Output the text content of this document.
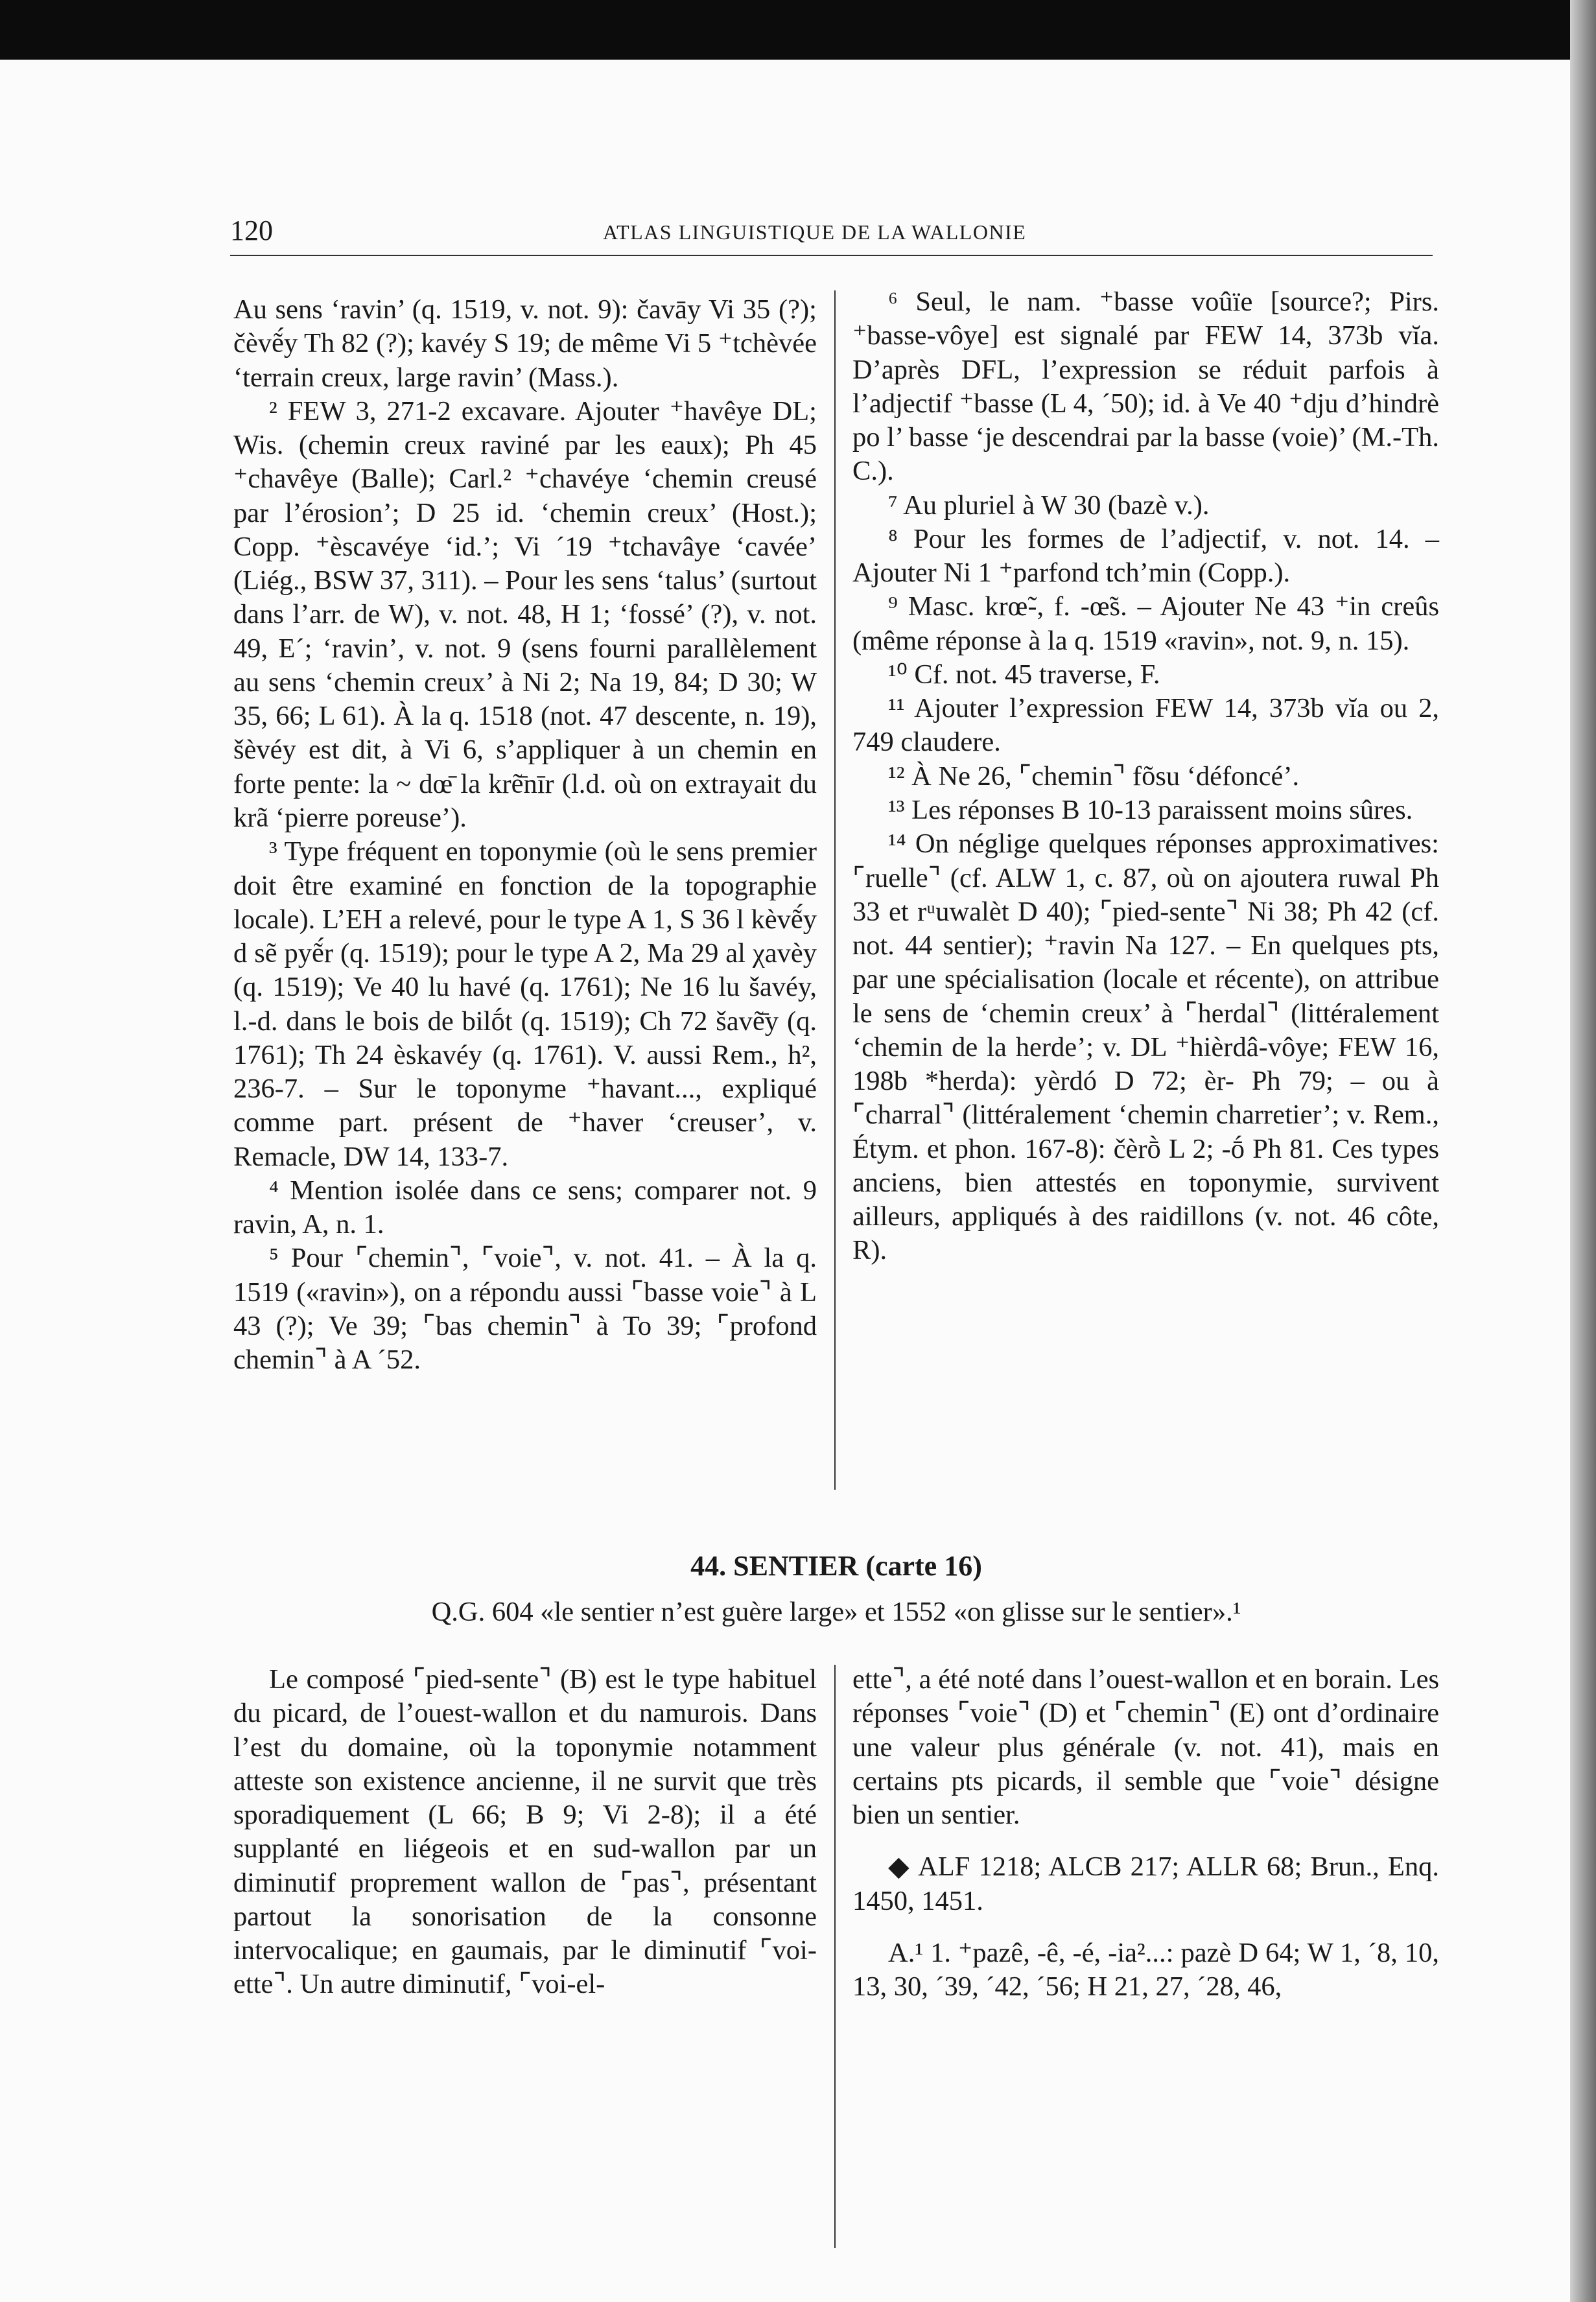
120	ATLAS LINGUISTIQUE DE LA WALLONIE

Au sens ‘ravin’ (q. 1519, v. not. 9): čavāy Vi 35 (?); čèvẽ́y Th 82 (?); kavéy S 19; de même Vi 5 ⁺tchèvée ‘terrain creux, large ravin’ (Mass.).

² FEW 3, 271-2 excavare. Ajouter ⁺havêye DL; Wis. (chemin creux raviné par les eaux); Ph 45 ⁺chavêye (Balle); Carl.² ⁺chavéye ‘chemin creusé par l’érosion’; D 25 id. ‘chemin creux’ (Host.); Copp. ⁺èscavéye ‘id.’; Vi ´19 ⁺tchavâye ‘cavée’ (Liég., BSW 37, 311). – Pour les sens ‘talus’ (surtout dans l’arr. de W), v. not. 48, H 1; ‘fossé’ (?), v. not. 49, E´; ‘ravin’, v. not. 9 (sens fourni parallèlement au sens ‘chemin creux’ à Ni 2; Na 19, 84; D 30; W 35, 66; L 61). À la q. 1518 (not. 47 descente, n. 19), šèvéy est dit, à Vi 6, s’appliquer à un chemin en forte pente: la ~ dœ̄ la krẽ̄nīr (l.d. où on extrayait du krã ‘pierre poreuse’).

³ Type fréquent en toponymie (où le sens premier doit être examiné en fonction de la topographie locale). L’EH a relevé, pour le type A 1, S 36 l kèvẽ́y d sẽ pyẽ́r (q. 1519); pour le type A 2, Ma 29 al χavèy (q. 1519); Ve 40 lu havé (q. 1761); Ne 16 lu šavéy, l.-d. dans le bois de bilṓt (q. 1519); Ch 72 šavẽ̄y (q. 1761); Th 24 èskavéy (q. 1761). V. aussi Rem., h², 236-7. – Sur le toponyme ⁺havant..., expliqué comme part. présent de ⁺haver ‘creuser’, v. Remacle, DW 14, 133-7.

⁴ Mention isolée dans ce sens; comparer not. 9 ravin, A, n. 1.

⁵ Pour ⌜chemin⌝, ⌜voie⌝, v. not. 41. – À la q. 1519 («ravin»), on a répondu aussi ⌜basse voie⌝ à L 43 (?); Ve 39; ⌜bas chemin⌝ à To 39; ⌜profond chemin⌝ à A ´52.

⁶ Seul, le nam. ⁺basse voûïe [source?; Pirs. ⁺basse-vôye] est signalé par FEW 14, 373b vĭa. D’après DFL, l’expression se réduit parfois à l’adjectif ⁺basse (L 4, ´50); id. à Ve 40 ⁺dju d’hindrè po l’ basse ‘je descendrai par la basse (voie)’ (M.-Th. C.).

⁷ Au pluriel à W 30 (bazè v.).

⁸ Pour les formes de l’adjectif, v. not. 14. – Ajouter Ni 1 ⁺parfond tch’min (Copp.).

⁹ Masc. krœ̃-, f. -œ̃s. – Ajouter Ne 43 ⁺in creûs (même réponse à la q. 1519 «ravin», not. 9, n. 15).

¹⁰ Cf. not. 45 traverse, F.

¹¹ Ajouter l’expression FEW 14, 373b vĭa ou 2, 749 claudere.

¹² À Ne 26, ⌜chemin⌝ fõsu ‘défoncé’.

¹³ Les réponses B 10-13 paraissent moins sûres.

¹⁴ On néglige quelques réponses approximatives: ⌜ruelle⌝ (cf. ALW 1, c. 87, où on ajoutera ruwal Ph 33 et rᵘuwalèt D 40); ⌜pied-sente⌝ Ni 38; Ph 42 (cf. not. 44 sentier); ⁺ravin Na 127. – En quelques pts, par une spécialisation (locale et récente), on attribue le sens de ‘chemin creux’ à ⌜herdal⌝ (littéralement ‘chemin de la herde’; v. DL ⁺hièrdâ-vôye; FEW 16, 198b *herda): yèrdó D 72; èr- Ph 79; – ou à ⌜charral⌝ (littéralement ‘chemin charretier’; v. Rem., Étym. et phon. 167-8): čèrṑ L 2; -ṓ Ph 81. Ces types anciens, bien attestés en toponymie, survivent ailleurs, appliqués à des raidillons (v. not. 46 côte, R).

44. SENTIER (carte 16)
Q.G. 604 «le sentier n’est guère large» et 1552 «on glisse sur le sentier».¹

Le composé ⌜pied-sente⌝ (B) est le type habituel du picard, de l’ouest-wallon et du namurois. Dans l’est du domaine, où la toponymie notamment atteste son existence ancienne, il ne survit que très sporadiquement (L 66; B 9; Vi 2-8); il a été supplanté en liégeois et en sud-wallon par un diminutif proprement wallon de ⌜pas⌝, présentant partout la sonorisation de la consonne intervocalique; en gaumais, par le diminutif ⌜voi-ette⌝. Un autre diminutif, ⌜voi-el-

ette⌝, a été noté dans l’ouest-wallon et en borain. Les réponses ⌜voie⌝ (D) et ⌜chemin⌝ (E) ont d’ordinaire une valeur plus générale (v. not. 41), mais en certains pts picards, il semble que ⌜voie⌝ désigne bien un sentier.

◆ ALF 1218; ALCB 217; ALLR 68; Brun., Enq. 1450, 1451.

A.¹ 1. ⁺pazê, -ê, -é, -ia²...: pazè D 64; W 1, ´8, 10, 13, 30, ´39, ´42, ´56; H 21, 27, ´28, 46,
